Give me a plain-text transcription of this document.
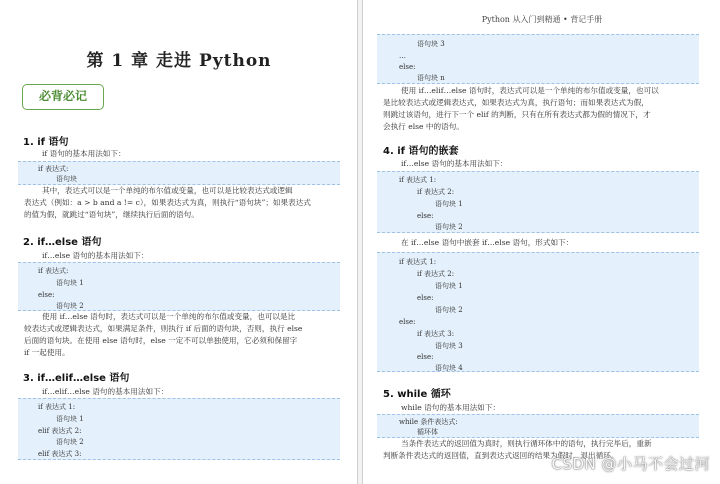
第 1 章 走进 Python
必背必记
1. if 语句
if 语句的基本用法如下：
if 表达式:
语句块
其中，表达式可以是一个单纯的布尔值或变量，也可以是比较表达式或逻辑
表达式（例如：a > b and a != c），如果表达式为真，则执行“语句块”；如果表达式
的值为假，就跳过“语句块”，继续执行后面的语句。
2. if…else 语句
if…else 语句的基本用法如下：
if 表达式:
语句块 1
else:
语句块 2
使用 if…else 语句时，表达式可以是一个单纯的布尔值或变量，也可以是比
较表达式或逻辑表达式，如果满足条件，则执行 if 后面的语句块，否则，执行 else
后面的语句块。在使用 else 语句时，else 一定不可以单独使用，它必须和保留字
if 一起使用。
3. if…elif…else 语句
if…elif…else 语句的基本用法如下：
if 表达式 1:
语句块 1
elif 表达式 2:
语句块 2
elif 表达式 3:
Python 从入门到精通 • 背记手册
语句块 3
…
else:
语句块 n
使用 if…elif…else 语句时，表达式可以是一个单纯的布尔值或变量，也可以
是比较表达式或逻辑表达式，如果表达式为真，执行语句；而如果表达式为假，
则跳过该语句，进行下一个 elif 的判断，只有在所有表达式都为假的情况下，才
会执行 else 中的语句。
4. if 语句的嵌套
if…else 语句的基本用法如下：
if 表达式 1:
if 表达式 2:
语句块 1
else:
语句块 2
在 if…else 语句中嵌套 if…else 语句，形式如下：
if 表达式 1:
if 表达式 2:
语句块 1
else:
语句块 2
else:
if 表达式 3:
语句块 3
else:
语句块 4
5. while 循环
while 语句的基本用法如下：
while 条件表达式:
循环体
当条件表达式的返回值为真时，则执行循环体中的语句，执行完毕后，重新
判断条件表达式的返回值，直到表达式返回的结果为假时，退出循环。
CSDN @小马不会过河
